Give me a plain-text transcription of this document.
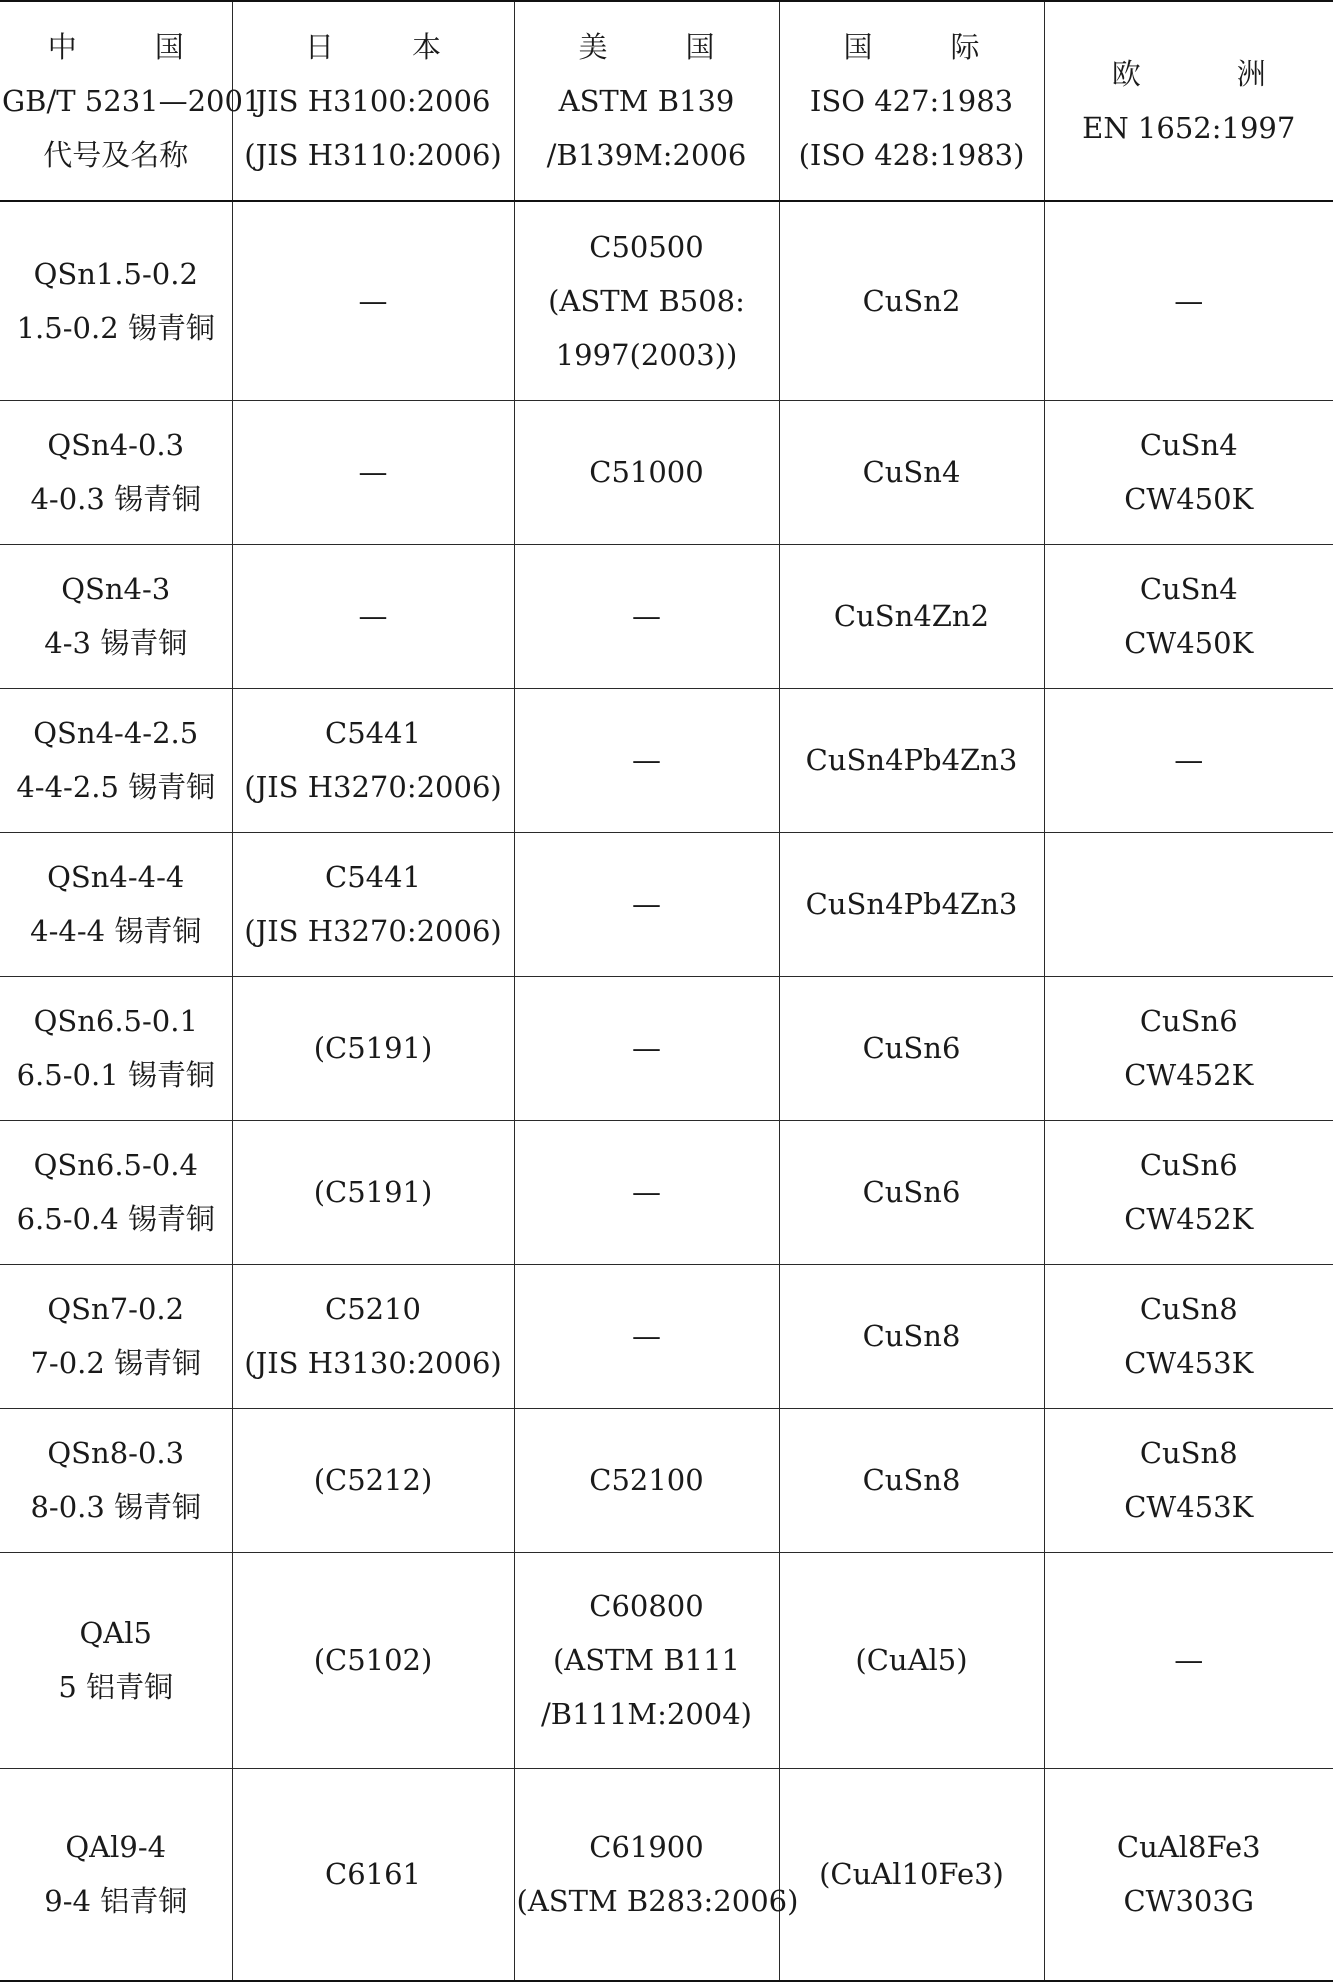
中 国
GB/T 5231—2001
代号及名称	日 本
JIS H3100:2006
(JIS H3110:2006)	美 国
ASTM B139
/B139M:2006	国 际
ISO 427:1983
(ISO 428:1983)	欧 洲
EN 1652:1997

QSn1.5-0.2
1.5-0.2 锡青铜	—	C50500
(ASTM B508:
1997(2003))	CuSn2	—

QSn4-0.3
4-0.3 锡青铜	—	C51000	CuSn4	CuSn4
CW450K

QSn4-3
4-3 锡青铜	—	—	CuSn4Zn2	CuSn4
CW450K

QSn4-4-2.5
4-4-2.5 锡青铜	C5441
(JIS H3270:2006)	—	CuSn4Pb4Zn3	—

QSn4-4-4
4-4-4 锡青铜	C5441
(JIS H3270:2006)	—	CuSn4Pb4Zn3	

QSn6.5-0.1
6.5-0.1 锡青铜	(C5191)	—	CuSn6	CuSn6
CW452K

QSn6.5-0.4
6.5-0.4 锡青铜	(C5191)	—	CuSn6	CuSn6
CW452K

QSn7-0.2
7-0.2 锡青铜	C5210
(JIS H3130:2006)	—	CuSn8	CuSn8
CW453K

QSn8-0.3
8-0.3 锡青铜	(C5212)	C52100	CuSn8	CuSn8
CW453K

QAl5
5 铝青铜	(C5102)	C60800
(ASTM B111
/B111M:2004)	(CuAl5)	—

QAl9-4
9-4 铝青铜	C6161	C61900
(ASTM B283:2006)	(CuAl10Fe3)	CuAl8Fe3
CW303G
